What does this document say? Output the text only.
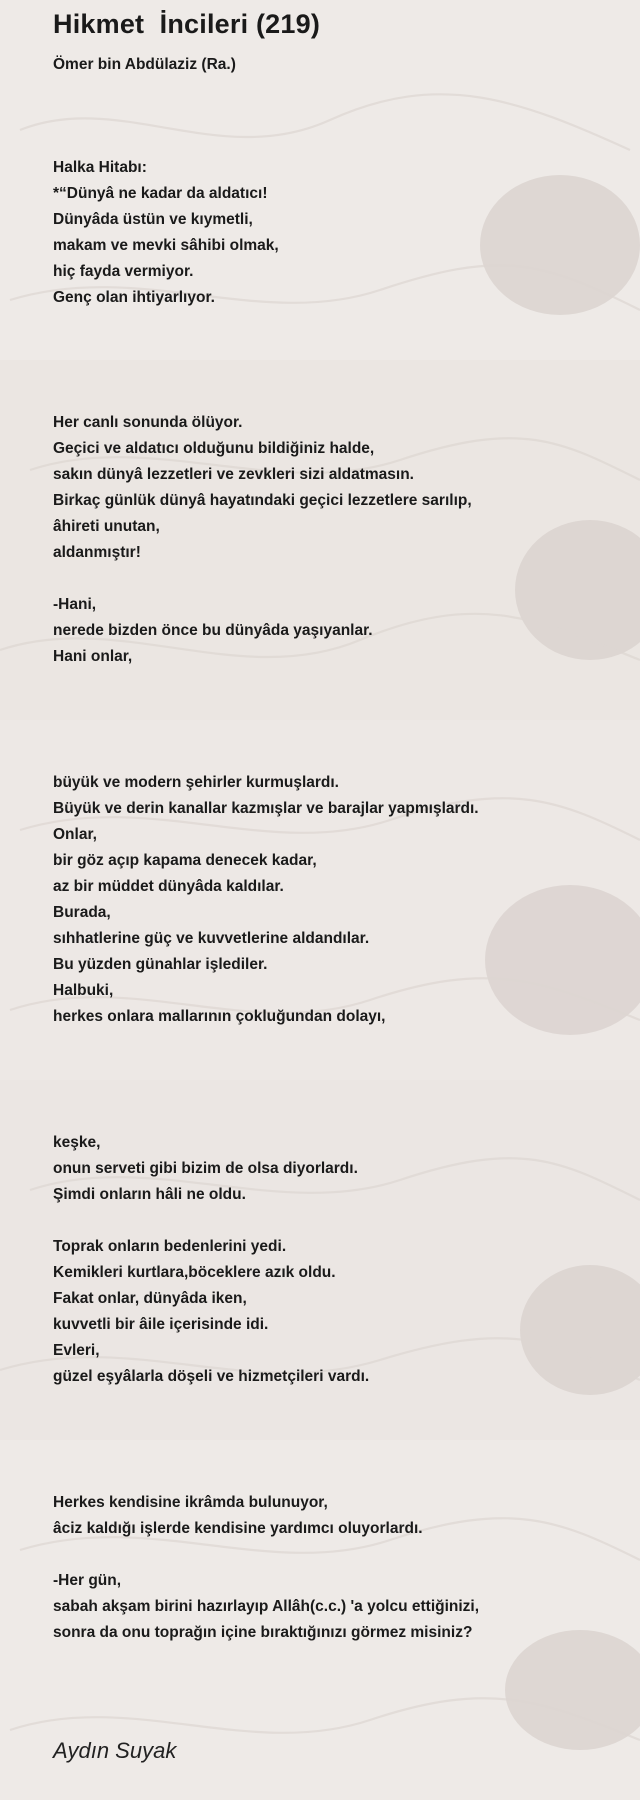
Hikmet  İncileri (219)
Ömer bin Abdülaziz (Ra.)
Halka Hitabı:
*“Dünyâ ne kadar da aldatıcı!
Dünyâda üstün ve kıymetli,
makam ve mevki sâhibi olmak,
hiç fayda vermiyor.
Genç olan ihtiyarlıyor.
Her canlı sonunda ölüyor.
Geçici ve aldatıcı olduğunu bildiğiniz halde,
sakın dünyâ lezzetleri ve zevkleri sizi aldatmasın.
Birkaç günlük dünyâ hayatındaki geçici lezzetlere sarılıp,
âhireti unutan,
aldanmıştır!
-Hani,
nerede bizden önce bu dünyâda yaşıyanlar.
Hani onlar,
büyük ve modern şehirler kurmuşlardı.
Büyük ve derin kanallar kazmışlar ve barajlar yapmışlardı.
Onlar,
bir göz açıp kapama denecek kadar,
az bir müddet dünyâda kaldılar.
Burada,
sıhhatlerine güç ve kuvvetlerine aldandılar.
Bu yüzden günahlar işlediler.
Halbuki,
herkes onlara mallarının çokluğundan dolayı,
keşke,
onun serveti gibi bizim de olsa diyorlardı.
Şimdi onların hâli ne oldu.
Toprak onların bedenlerini yedi.
Kemikleri kurtlara,böceklere azık oldu.
Fakat onlar, dünyâda iken,
kuvvetli bir âile içerisinde idi.
Evleri,
güzel eşyâlarla döşeli ve hizmetçileri vardı.
Herkes kendisine ikrâmda bulunuyor,
âciz kaldığı işlerde kendisine yardımcı oluyorlardı.
-Her gün,
sabah akşam birini hazırlayıp Allâh(c.c.) 'a yolcu ettiğinizi,
sonra da onu toprağın içine bıraktığınızı görmez misiniz?
Aydın Suyak
